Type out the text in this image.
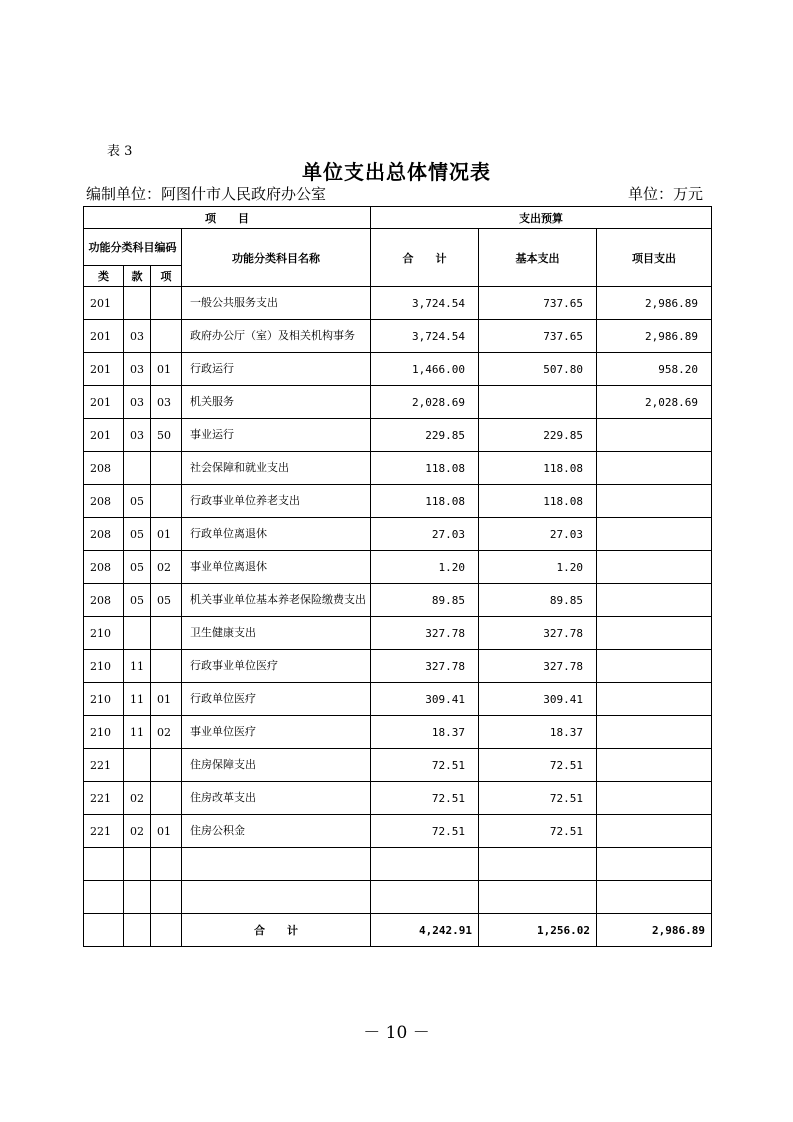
表 3
单位支出总体情况表
编制单位：阿图什市人民政府办公室	单位：万元
项　　目				支出预算		
功能分类科目编码			功能分类科目名称	合　　计	基本支出	项目支出
类	款	项				
201			一般公共服务支出	3,724.54	737.65	2,986.89
201	03		政府办公厅（室）及相关机构事务	3,724.54	737.65	2,986.89
201	03	01	行政运行	1,466.00	507.80	958.20
201	03	03	机关服务	2,028.69		2,028.69
201	03	50	事业运行	229.85	229.85	
208			社会保障和就业支出	118.08	118.08	
208	05		行政事业单位养老支出	118.08	118.08	
208	05	01	行政单位离退休	27.03	27.03	
208	05	02	事业单位离退休	1.20	1.20	
208	05	05	机关事业单位基本养老保险缴费支出	89.85	89.85	
210			卫生健康支出	327.78	327.78	
210	11		行政事业单位医疗	327.78	327.78	
210	11	01	行政单位医疗	309.41	309.41	
210	11	02	事业单位医疗	18.37	18.37	
221			住房保障支出	72.51	72.51	
221	02		住房改革支出	72.51	72.51	
221	02	01	住房公积金	72.51	72.51	

			合　　计	4,242.91	1,256.02	2,986.89
－ 10 －
